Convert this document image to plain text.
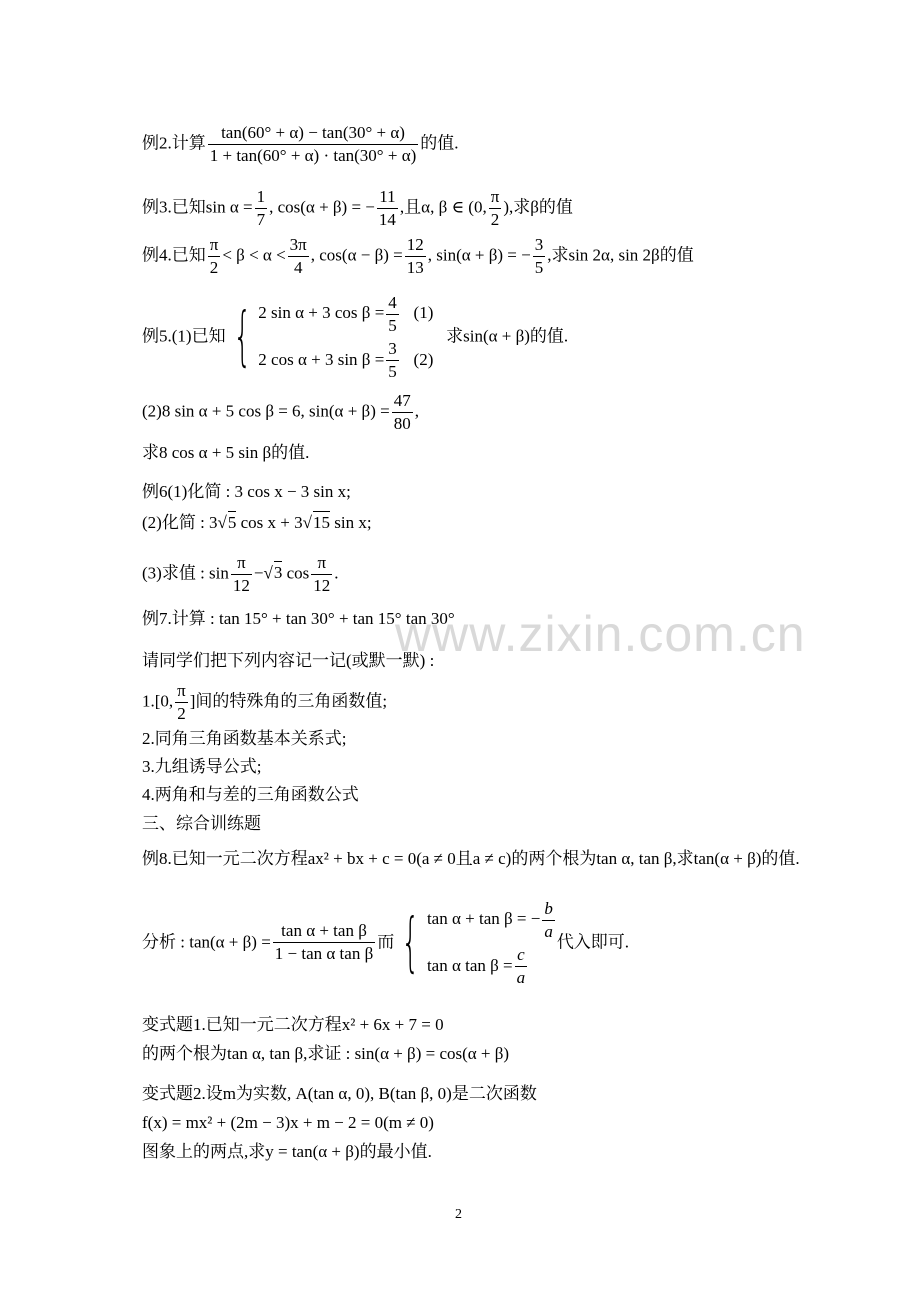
www.zixin.com.cn
例2.计算 $\frac{\tan(60^\circ + \alpha) - \tan(30^\circ + \alpha)}{1 + \tan(60^\circ + \alpha) \cdot \tan(30^\circ + \alpha)}$ 的值.
例3.已知$\sin \alpha = \frac{1}{7}$ , cos(α + β) = − $\frac{11}{14}$ ,且α, β ∈ (0, $\frac{\pi}{2}$ ),求β的值
例4.已知 $\frac{\pi}{2} < \beta < \alpha < \frac{3\pi}{4}$ , $\cos(\alpha - \beta) = \frac{12}{13}$ , sin(α + β) = − $\frac{3}{5}$ ,求sin 2α, sin 2β的值
例5.(1)已知 { 2 sin α + 3 $\cos \beta = \frac{4}{5} (1)$
2 cos α + 3 $\sin \beta = \frac{3}{5} (2)$
求sin(α + β)的值.
(2)8 sin α + 5 cos β = 6, $\sin(\alpha + \beta) = \frac{47}{80}$ ,
求8 cos α + 5 sin β的值.
例6(1)化简 : 3 cos x − 3 sin x;
(2)化简 : 3√5 cos x + 3√15 sin x;
(3)求值 : $\sin \frac{\pi}{12} -√3$ $\cos \frac{\pi}{12}$ .
例7.计算 : tan 15° + tan 30° + tan 15° tan 30°
请同学们把下列内容记一记(或默一默) :
1.[0, $\frac{\pi}{2}$ ]间的特殊角的三角函数值;
2.同角三角函数基本关系式;
3.九组诱导公式;
4.两角和与差的三角函数公式
三、综合训练题
例8.已知一元二次方程ax² + bx + c = 0(a ≠ 0且a ≠ c)的两个根为tan α, tan β,求tan(α + β)的值.
分析 : $\tan(\alpha + \beta) = \frac{\text{tan α + tan β}}{\text{1 − tan α tan β}}$ 而 { tan α + tan β = − $\frac{b}{a}$
tan α $\tan \beta = \frac{c}{a}$
代入即可.
变式题1.已知一元二次方程x² + 6x + 7 = 0
的两个根为tan α, tan β,求证 : sin(α + β) = cos(α + β)
变式题2.设m为实数, A(tan α, 0), B(tan β, 0)是二次函数
f(x) = mx² + (2m − 3)x + m − 2 = 0(m ≠ 0)
图象上的两点,求y = tan(α + β)的最小值.
2
